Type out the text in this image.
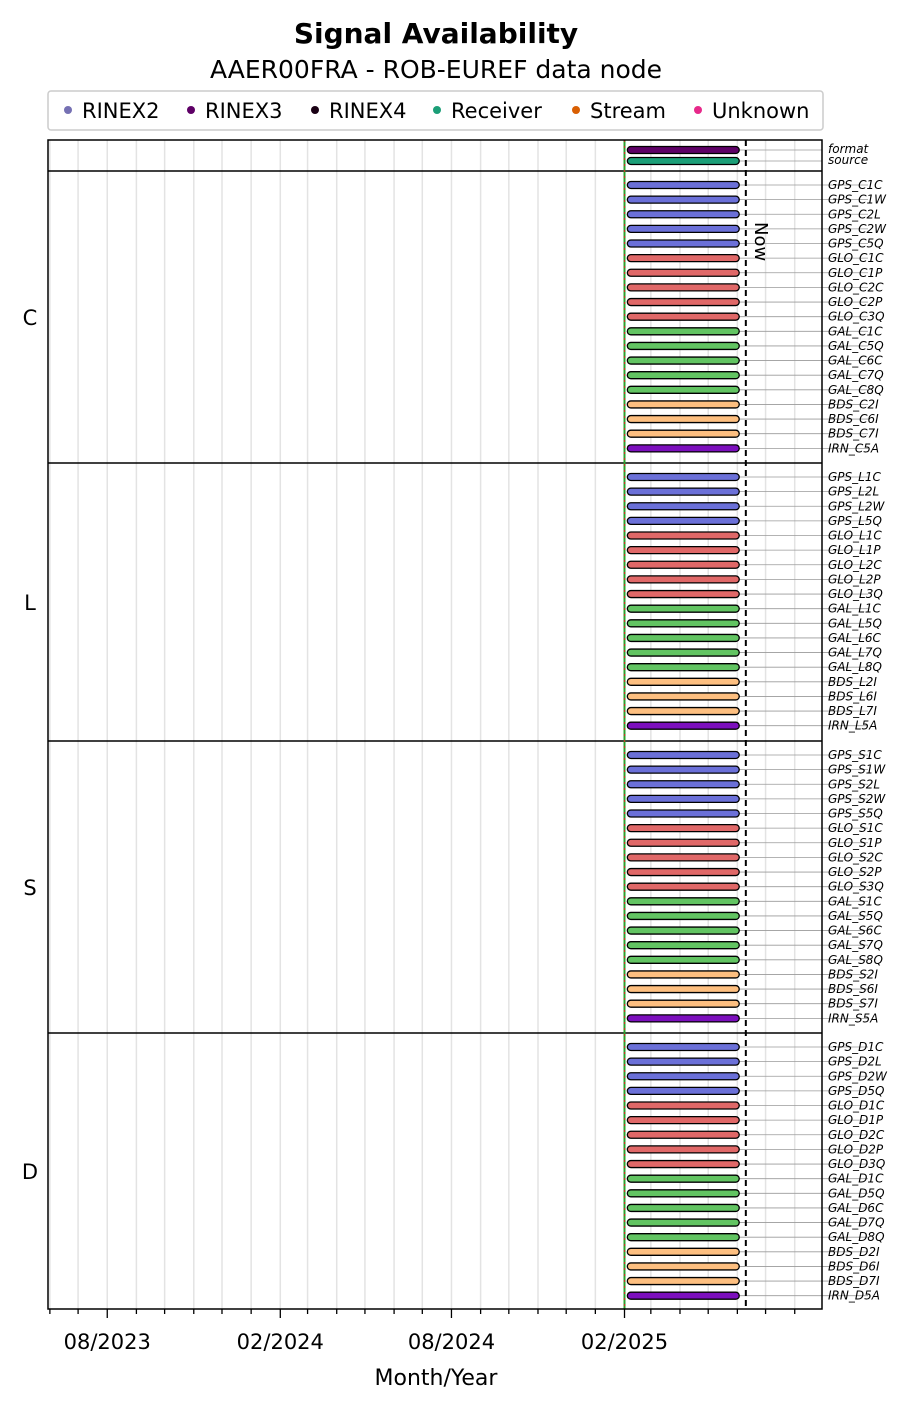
Signal Availability
AAER00FRA - ROB-EUREF data node
RINEX2 RINEX3 RINEX4 Receiver Stream Unknown
format
source
GPS_C1C
GPS_C1W
GPS_C2L
GPS_C2W
GPS_C5Q
GLO_C1C
GLO_C1P
GLO_C2C
GLO_C2P
GLO_C3Q
GAL_C1C
GAL_C5Q
GAL_C6C
GAL_C7Q
GAL_C8Q
BDS_C2I
BDS_C6I
BDS_C7I
IRN_C5A
C
GPS_L1C
GPS_L2L
GPS_L2W
GPS_L5Q
GLO_L1C
GLO_L1P
GLO_L2C
GLO_L2P
GLO_L3Q
GAL_L1C
GAL_L5Q
GAL_L6C
GAL_L7Q
GAL_L8Q
BDS_L2I
BDS_L6I
BDS_L7I
IRN_L5A
L
GPS_S1C
GPS_S1W
GPS_S2L
GPS_S2W
GPS_S5Q
GLO_S1C
GLO_S1P
GLO_S2C
GLO_S2P
GLO_S3Q
GAL_S1C
GAL_S5Q
GAL_S6C
GAL_S7Q
GAL_S8Q
BDS_S2I
BDS_S6I
BDS_S7I
IRN_S5A
S
GPS_D1C
GPS_D2L
GPS_D2W
GPS_D5Q
GLO_D1C
GLO_D1P
GLO_D2C
GLO_D2P
GLO_D3Q
GAL_D1C
GAL_D5Q
GAL_D6C
GAL_D7Q
GAL_D8Q
BDS_D2I
BDS_D6I
BDS_D7I
IRN_D5A
D
Now
08/2023	02/2024	08/2024	02/2025
Month/Year
